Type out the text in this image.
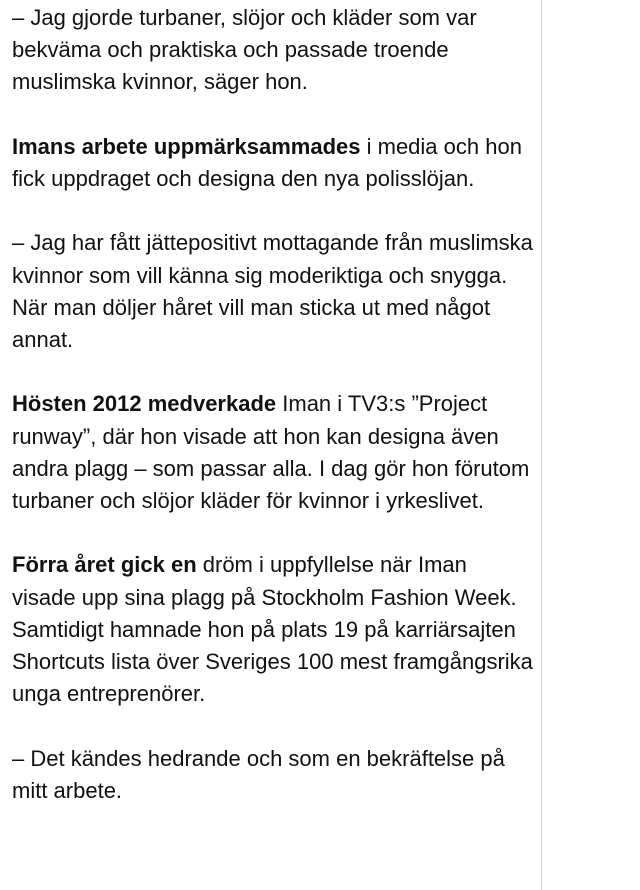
– Jag gjorde turbaner, slöjor och kläder som var bekväma och praktiska och passade troende muslimska kvinnor, säger hon.

Imans arbete uppmärksammades i media och hon fick uppdraget och designa den nya polisslöjan.

– Jag har fått jättepositivt mottagande från muslimska kvinnor som vill känna sig moderiktiga och snygga. När man döljer håret vill man sticka ut med något annat.

Hösten 2012 medverkade Iman i TV3:s ”Project runway”, där hon visade att hon kan designa även andra plagg – som passar alla. I dag gör hon förutom turbaner och slöjor kläder för kvinnor i yrkeslivet.

Förra året gick en dröm i uppfyllelse när Iman visade upp sina plagg på Stockholm Fashion Week. Samtidigt hamnade hon på plats 19 på karriärsajten Shortcuts lista över Sveriges 100 mest framgångsrika unga entreprenörer.

– Det kändes hedrande och som en bekräftelse på mitt arbete.
